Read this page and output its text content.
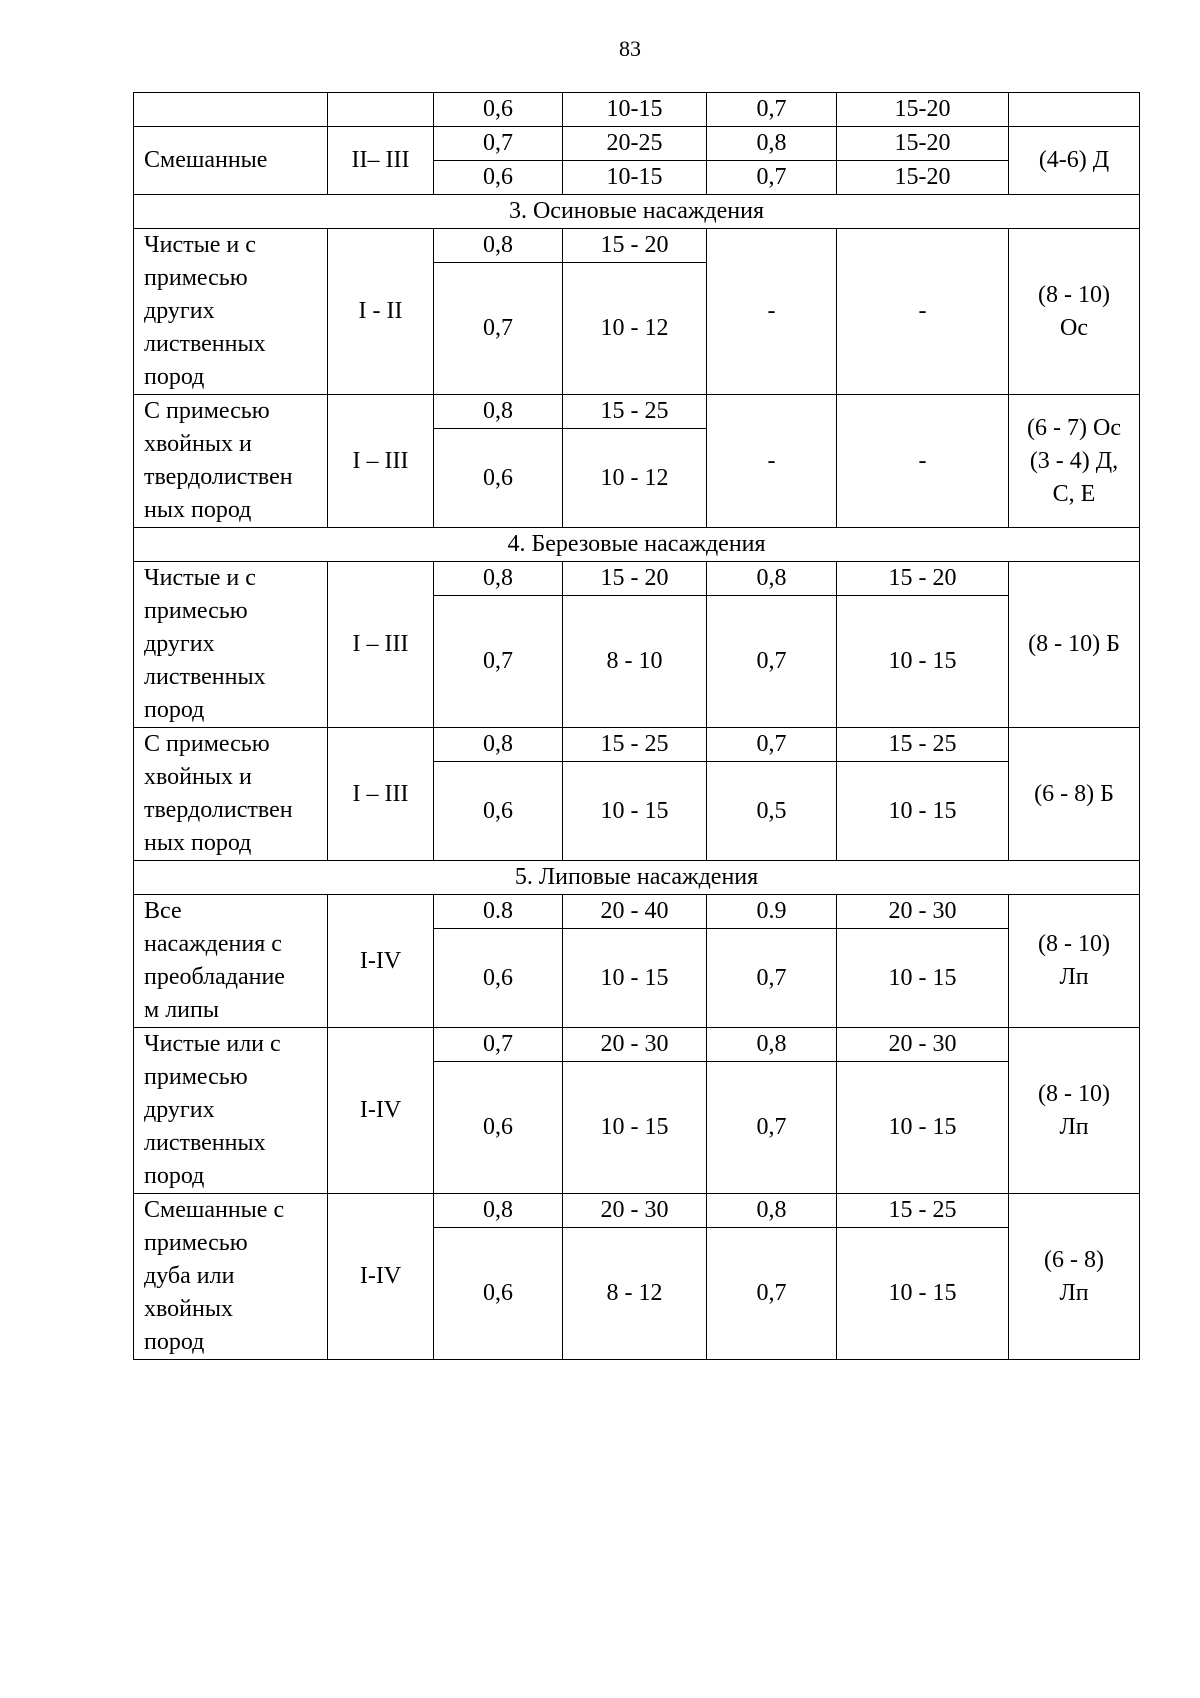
83
		0,6	10-15	0,7	15-20	
Смешанные	II– III	0,7	20-25	0,8	15-20	(4-6) Д
		0,6	10-15	0,7	15-20	
3. Осиновые насаждения						

Чистые и с
примесью
других
лиственных
пород	I - II	0,8	15 - 20	-	-	(8 - 10)
Ос

		0,7	10 - 12			

С примесью
хвойных и
твердолиствен
ных пород	I – III	0,8	15 - 25	-	-	(6 - 7) Ос
(3 - 4) Д,
С, Е

		0,6	10 - 12			
4. Березовые насаждения						

Чистые и с
примесью
других
лиственных
пород	I – III	0,8	15 - 20	0,8	15 - 20	(8 - 10) Б

		0,7	8 - 10	0,7	10 - 15	

С примесью
хвойных и
твердолиствен
ных пород	I – III	0,8	15 - 25	0,7	15 - 25	(6 - 8) Б

		0,6	10 - 15	0,5	10 - 15	
5. Липовые насаждения						

Все
насаждения с
преобладание
м липы	I-IV	0.8	20 - 40	0.9	20 - 30	(8 - 10)
Лп

		0,6	10 - 15	0,7	10 - 15	

Чистые или с
примесью
других
лиственных
пород	I-IV	0,7	20 - 30	0,8	20 - 30	(8 - 10)
Лп

		0,6	10 - 15	0,7	10 - 15	

Смешанные с
примесью
дуба или
хвойных
пород	I-IV	0,8	20 - 30	0,8	15 - 25	(6 - 8)
Лп

		0,6	8 - 12	0,7	10 - 15	
